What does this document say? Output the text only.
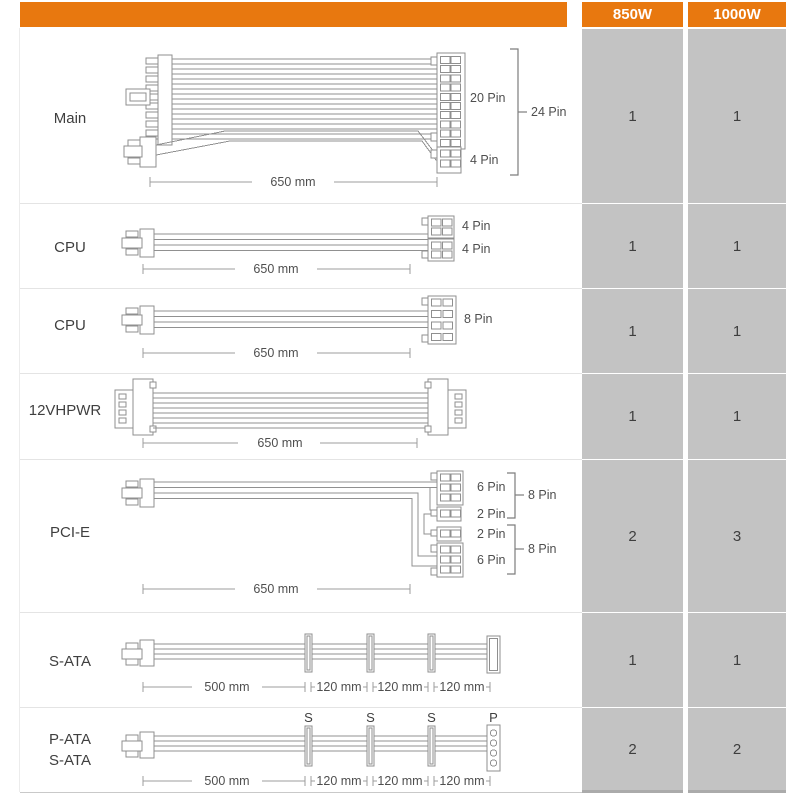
850W	1000W
Main
20 Pin
4 Pin
24 Pin
650 mm
1	1
CPU
4 Pin
4 Pin
650 mm
1	1
CPU	8 Pin
650 mm
1	1
12VHPWR
650 mm
1	1
PCI-E
6 Pin
2 Pin
2 Pin
6 Pin
8 Pin
8 Pin
650 mm
2	3
S-ATA
500 mm	120 mm 120 mm 120 mm
1	1
P-ATA
S-ATA
S	S	S	P
500 mm	120 mm 120 mm 120 mm
2	2
